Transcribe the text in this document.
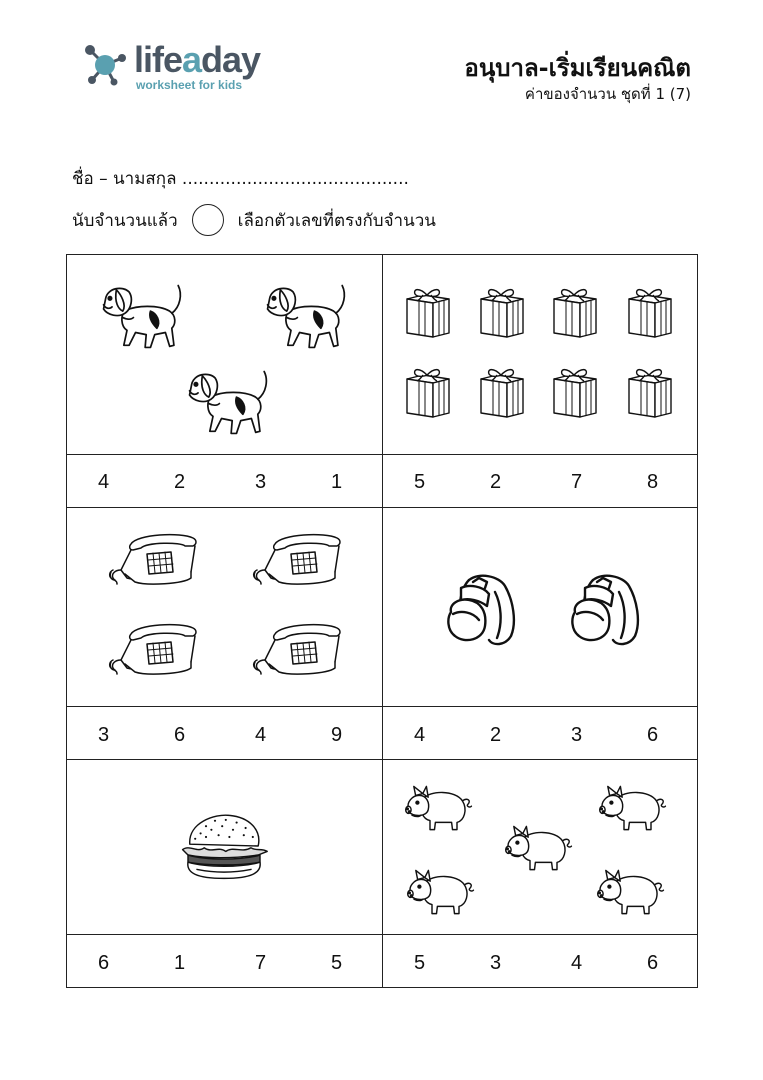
lifeaday
worksheet for kids
อนุบาล-เริ่มเรียนคณิต
ค่าของจำนวน ชุดที่ 1 (7)
ชื่อ – นามสกุล ..........................................
นับจำนวนแล้ว	เลือกตัวเลขที่ตรงกับจำนวน
4	2	3	1	5	2	7	8
3	6	4	9	4	2	3	6
6	1	7	5	5	3	4	6
